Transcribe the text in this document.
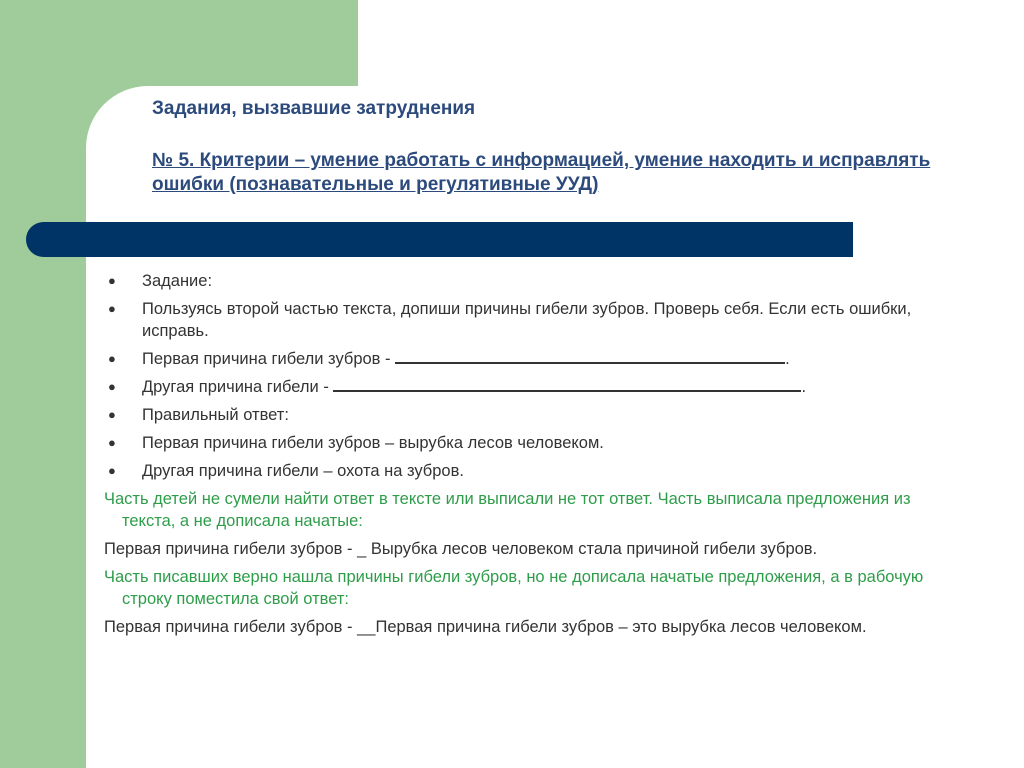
Задания, вызвавшие затруднения
№ 5. Критерии – умение работать с информацией, умение находить и исправлять ошибки (познавательные и регулятивные УУД)
● Задание:
● Пользуясь второй частью текста, допиши причины гибели зубров. Проверь себя. Если есть ошибки, исправь.
● Первая причина гибели зубров -	.
● Другая причина гибели -	.
● Правильный ответ:
● Первая причина гибели зубров – вырубка лесов человеком.
● Другая причина гибели – охота на зубров.

Часть детей не сумели найти ответ в тексте или выписали не тот ответ. Часть выписала предложения из текста, а не дописала начатые:

Первая причина гибели зубров - _ Вырубка лесов человеком стала причиной гибели зубров.

Часть писавших верно нашла причины гибели зубров, но не дописала начатые предложения, а в рабочую строку поместила свой ответ:

Первая причина гибели зубров - __Первая причина гибели зубров – это вырубка лесов человеком.
